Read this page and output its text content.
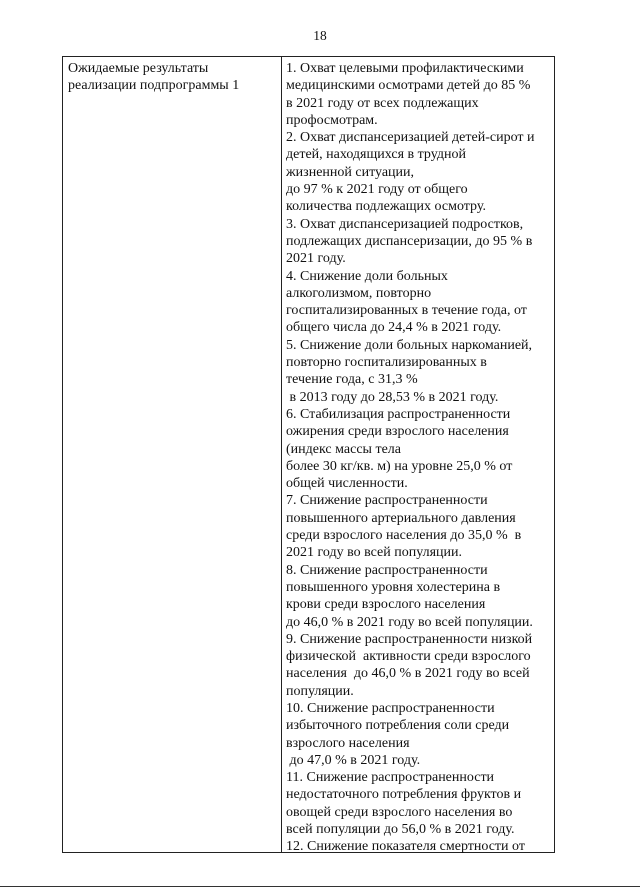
18
Ожидаемые результаты
реализации подпрограммы 1
1. Охват целевыми профилактическими
медицинскими осмотрами детей до 85 %
в 2021 году от всех подлежащих
профосмотрам.
2. Охват диспансеризацией детей-сирот и
детей, находящихся в трудной
жизненной ситуации,
до 97 % к 2021 году от общего
количества подлежащих осмотру.
3. Охват диспансеризацией подростков,
подлежащих диспансеризации, до 95 % в
2021 году.
4. Снижение доли больных
алкоголизмом, повторно
госпитализированных в течение года, от
общего числа до 24,4 % в 2021 году.
5. Снижение доли больных наркоманией,
повторно госпитализированных в
течение года, с 31,3 %
в 2013 году до 28,53 % в 2021 году.
6. Стабилизация распространенности
ожирения среди взрослого населения
(индекс массы тела
более 30 кг/кв. м) на уровне 25,0 % от
общей численности.
7. Снижение распространенности
повышенного артериального давления
среди взрослого населения до 35,0 %  в
2021 году во всей популяции.
8. Снижение распространенности
повышенного уровня холестерина в
крови среди взрослого населения
до 46,0 % в 2021 году во всей популяции.
9. Снижение распространенности низкой
физической  активности среди взрослого
населения  до 46,0 % в 2021 году во всей
популяции.
10. Снижение распространенности
избыточного потребления соли среди
взрослого населения
до 47,0 % в 2021 году.
11. Снижение распространенности
недостаточного потребления фруктов и
овощей среди взрослого населения во
всей популяции до 56,0 % в 2021 году.
12. Снижение показателя смертности от
